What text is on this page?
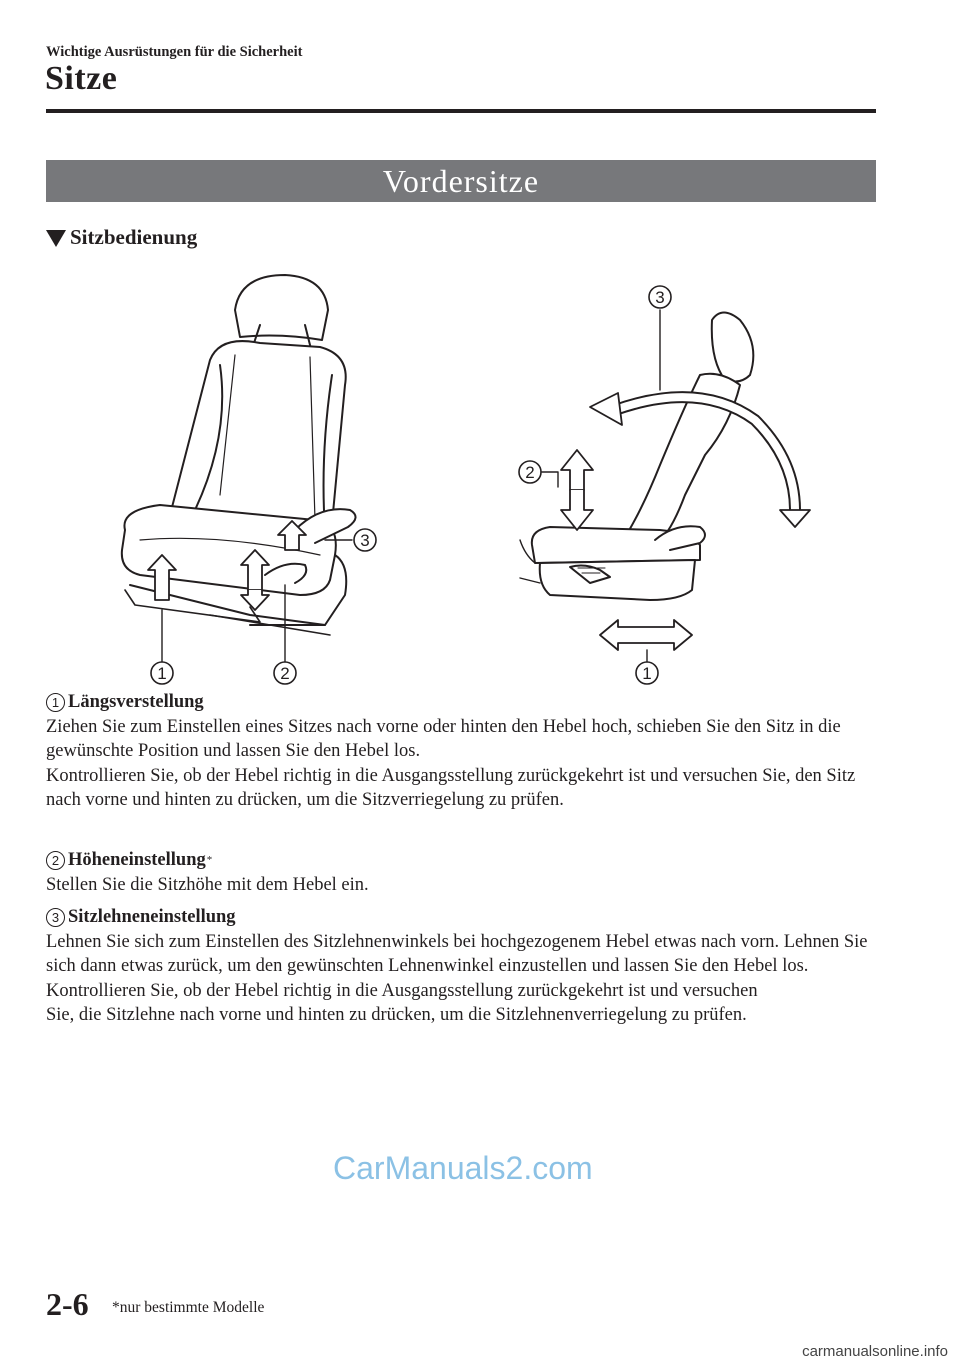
Wichtige Ausrüstungen für die Sicherheit
Sitze
Vordersitze
Sitzbedienung
1	2
3
3
2
1
1 Längsverstellung
Ziehen Sie zum Einstellen eines Sitzes nach vorne oder hinten den Hebel hoch, schieben Sie den Sitz in die gewünschte Position und lassen Sie den Hebel los.
Kontrollieren Sie, ob der Hebel richtig in die Ausgangsstellung zurückgekehrt ist und versuchen Sie, den Sitz nach vorne und hinten zu drücken, um die Sitzverriegelung zu prüfen.
2 Höheneinstellung *
Stellen Sie die Sitzhöhe mit dem Hebel ein.
3 Sitzlehneneinstellung
Lehnen Sie sich zum Einstellen des Sitzlehnenwinkels bei hochgezogenem Hebel etwas nach vorn. Lehnen Sie sich dann etwas zurück, um den gewünschten Lehnenwinkel einzustellen und lassen Sie den Hebel los.
Kontrollieren Sie, ob der Hebel richtig in die Ausgangsstellung zurückgekehrt ist und versuchen Sie, die Sitzlehne nach vorne und hinten zu drücken, um die Sitzlehnenverriegelung zu prüfen.
CarManuals2.com
2-6 *nur bestimmte Modelle
carmanualsonline.info
